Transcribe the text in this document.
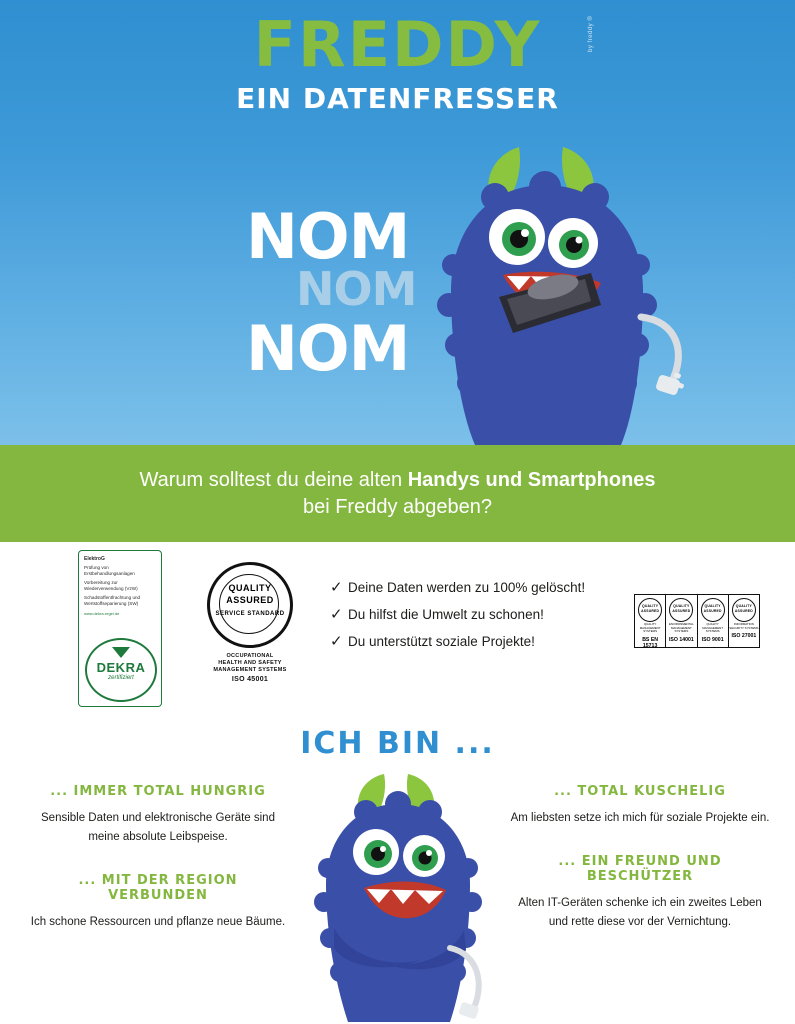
FREDDY
EIN DATENFRESSER
by freddy ®
NOM
NOM
NOM
Warum solltest du deine alten Handys und Smartphones
bei Freddy abgeben?
ElektroG
Prüfung von Erstbehandlungsanlagen
Vorbereitung zur Wiederverwendung (VzW)
Schadstoffentfrachtung und Wertstoffseparierung (SW)
www.dekra-regel.de
DEKRA
zertifiziert
QUALITY
ASSURED
SERVICE STANDARD
OCCUPATIONAL
HEALTH AND SAFETY
MANAGEMENT SYSTEMS
ISO 45001
✓ Deine Daten werden zu 100% gelöscht!
✓ Du hilfst die Umwelt zu schonen!
✓ Du unterstützt soziale Projekte!
QUALITY
ASSURED
QUALITY MANAGEMENT SYSTEMS
BS EN 15713
QUALITY
ASSURED
ENVIRONMENTAL MANAGEMENT SYSTEMS
ISO 14001
QUALITY
ASSURED
QUALITY MANAGEMENT SYSTEMS
ISO 9001
QUALITY
ASSURED
INFORMATION SECURITY SYSTEMS
ISO 27001
ICH BIN ...
... IMMER TOTAL HUNGRIG
Sensible Daten und elektronische Geräte sind meine absolute Leibspeise.
... MIT DER REGION VERBUNDEN
Ich schone Ressourcen und pflanze neue Bäume.
... TOTAL KUSCHELIG
Am liebsten setze ich mich für soziale Projekte ein.
... EIN FREUND UND BESCHÜTZER
Alten IT-Geräten schenke ich ein zweites Leben und rette diese vor der Vernichtung.
